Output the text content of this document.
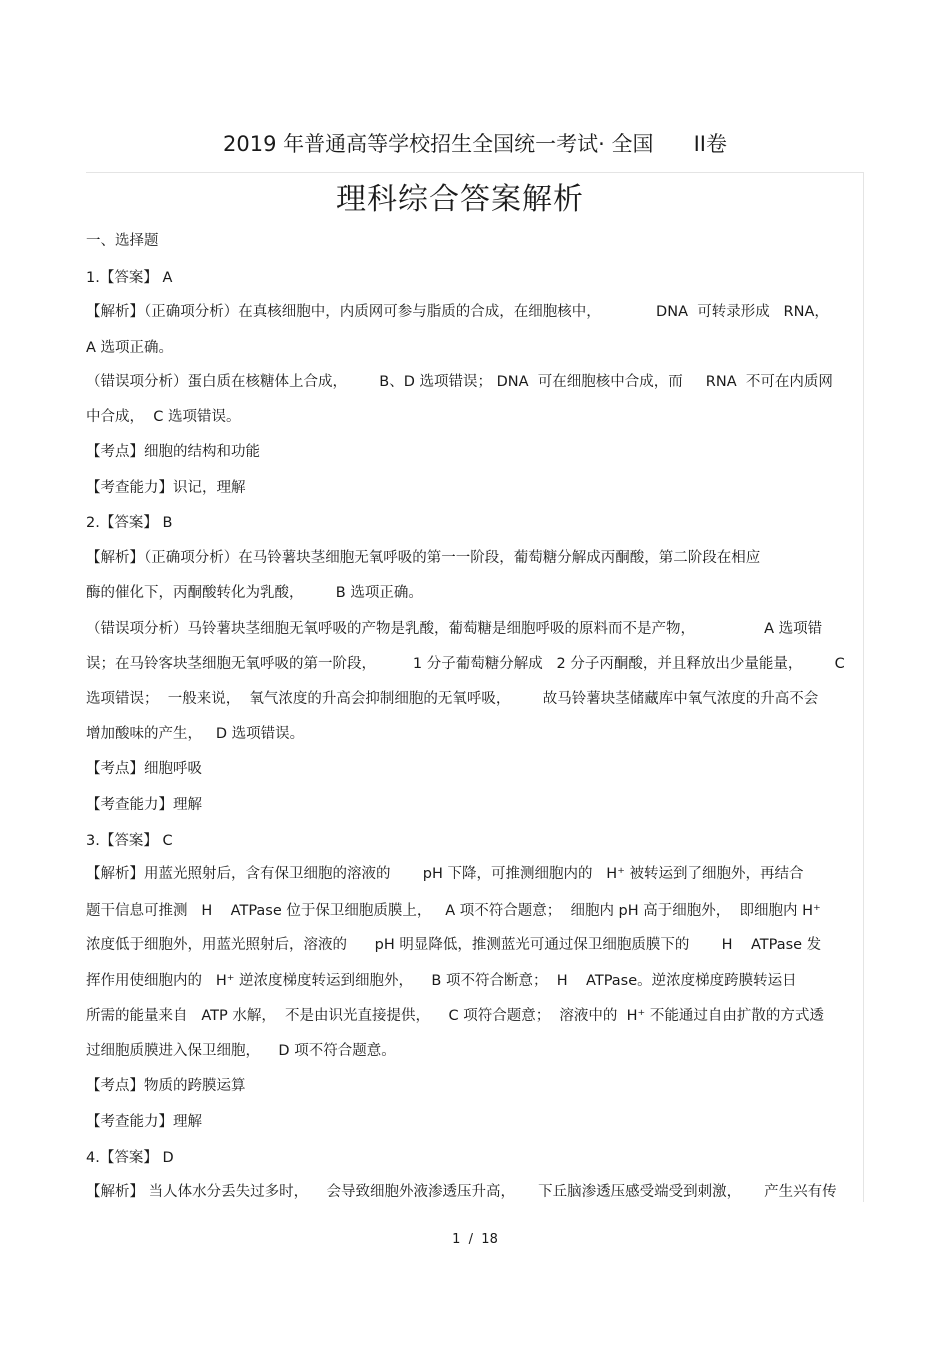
2019 年普通高等学校招生全国统一考试· 全国      II卷
理科综合答案解析
一、选择题
1.【答案】 A
【解析】（正确项分析）在真核细胞中，内质网可参与脂质的合成，在细胞核中，            DNA  可转录形成   RNA，
A 选项正确。
（错误项分析）蛋白质在核糖体上合成，       B、D 选项错误； DNA  可在细胞核中合成，而     RNA  不可在内质网
中合成，  C 选项错误。
【考点】细胞的结构和功能
【考查能力】识记，理解
2.【答案】 B
【解析】（正确项分析）在马铃薯块茎细胞无氧呼吸的第一一阶段，葡萄糖分解成丙酮酸，第二阶段在相应
酶的催化下，丙酮酸转化为乳酸，       B 选项正确。
（错误项分析）马铃薯块茎细胞无氧呼吸的产物是乳酸，葡萄糖是细胞呼吸的原料而不是产物，               A 选项错
误；在马铃客块茎细胞无氧呼吸的第一阶段，        1 分子葡萄糖分解成   2 分子丙酮酸，并且释放出少量能量，       C
选项错误；  一般来说，  氧气浓度的升高会抑制细胞的无氧呼吸，       故马铃薯块茎储藏库中氧气浓度的升高不会
增加酸味的产生，   D 选项错误。
【考点】细胞呼吸
【考查能力】理解
3.【答案】 C
【解析】用蓝光照射后，含有保卫细胞的溶液的       pH 下降，可推测细胞内的   H⁺ 被转运到了细胞外，再结合
题干信息可推测   H    ATPase 位于保卫细胞质膜上，   A 项不符合题意；  细胞内 pH 高于细胞外，  即细胞内 H⁺
浓度低于细胞外，用蓝光照射后，溶液的      pH 明显降低，推测蓝光可通过保卫细胞质膜下的       H    ATPase 发
挥作用使细胞内的   H⁺ 逆浓度梯度转运到细胞外，    B 项不符合断意；  H    ATPase。逆浓度梯度跨膜转运日
所需的能量来自   ATP 水解，  不是由识光直接提供，    C 项符合题意；  溶液中的  H⁺ 不能通过自由扩散的方式透
过细胞质膜进入保卫细胞，    D 项不符合题意。
【考点】物质的跨膜运算
【考查能力】理解
4.【答案】 D
【解析】 当人体水分丢失过多时，    会导致细胞外液渗透压升高，     下丘脑渗透压感受端受到刺激，     产生兴有传
1  /  18
